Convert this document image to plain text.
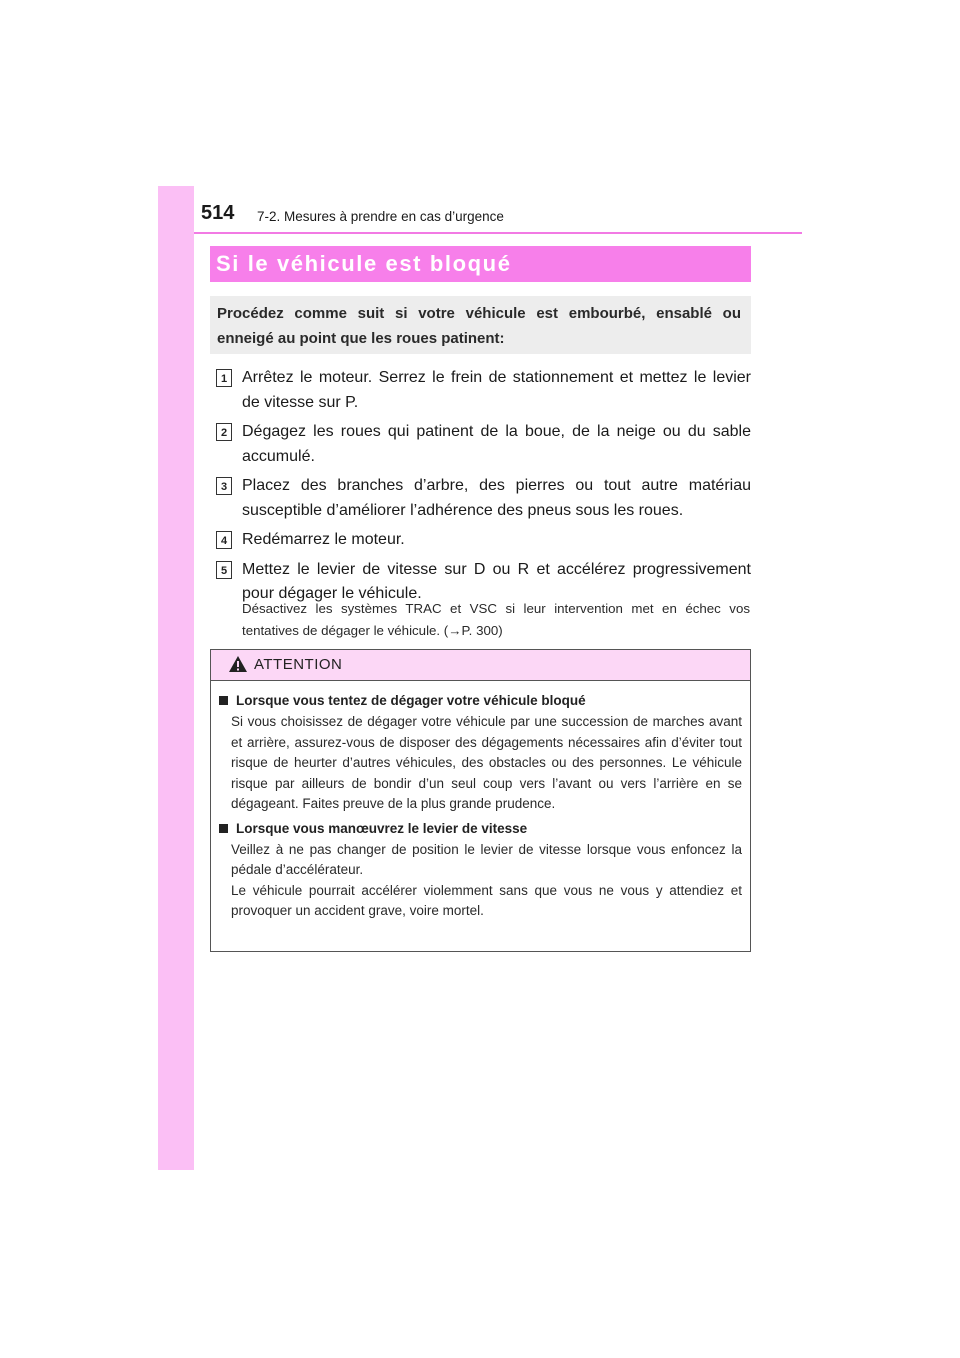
514 7-2. Mesures à prendre en cas d’urgence
Si le véhicule est bloqué
Procédez comme suit si votre véhicule est embourbé, ensablé ou enneigé au point que les roues patinent:
1 Arrêtez le moteur. Serrez le frein de stationnement et mettez le levier de vitesse sur P.
2 Dégagez les roues qui patinent de la boue, de la neige ou du sable accumulé.
3 Placez des branches d’arbre, des pierres ou tout autre matériau susceptible d’améliorer l’adhérence des pneus sous les roues.
4 Redémarrez le moteur.
5 Mettez le levier de vitesse sur D ou R et accélérez progressivement pour dégager le véhicule.
Désactivez les systèmes TRAC et VSC si leur intervention met en échec vos tentatives de dégager le véhicule. (→P. 300)
ATTENTION
Lorsque vous tentez de dégager votre véhicule bloqué

Si vous choisissez de dégager votre véhicule par une succession de marches avant et arrière, assurez-vous de disposer des dégagements nécessaires afin d’éviter tout risque de heurter d’autres véhicules, des obstacles ou des personnes. Le véhicule risque par ailleurs de bondir d’un seul coup vers l’avant ou vers l’arrière en se dégageant. Faites preuve de la plus grande prudence.

Lorsque vous manœuvrez le levier de vitesse

Veillez à ne pas changer de position le levier de vitesse lorsque vous enfoncez la pédale d’accélérateur.

Le véhicule pourrait accélérer violemment sans que vous ne vous y attendiez et provoquer un accident grave, voire mortel.
